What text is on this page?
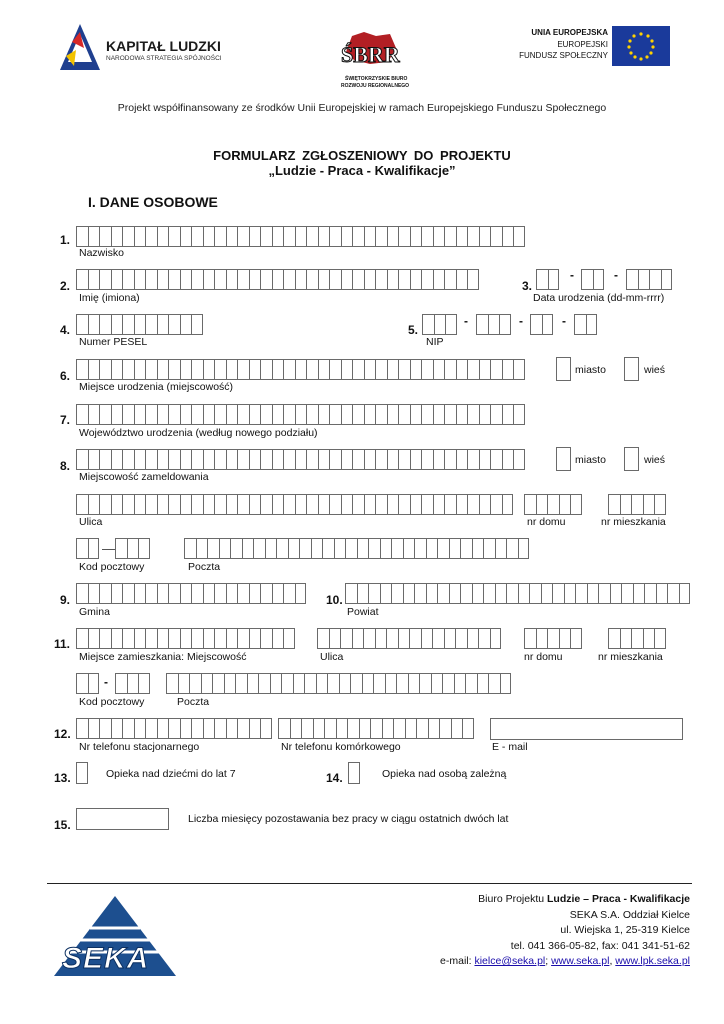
KAPITAŁ LUDZKI
NARODOWA STRATEGIA SPÓJNOŚCI	ŚBRR
ŚWIĘTOKRZYSKIE BIURO
ROZWOJU REGIONALNEGO
UNIA EUROPEJSKA
EUROPEJSKI
FUNDUSZ SPOŁECZNY
Projekt współfinansowany ze środków Unii Europejskiej w ramach Europejskiego Funduszu Społecznego
FORMULARZ ZGŁOSZENIOWY DO PROJEKTU
„Ludzie - Praca - Kwalifikacje”
I. DANE OSOBOWE
1.
Nazwisko
2.
Imię (imiona)
3.
-	-
Data urodzenia (dd-mm-rrrr)
4.
Numer PESEL
5.
-	-	-
NIP
6.
Miejsce urodzenia (miejscowość)
miasto	wieś
7.
Województwo urodzenia (według nowego podziału)
8.
Miejscowość zameldowania
miasto	wieś
Ulica	nr domu	nr mieszkania
Kod pocztowy	Poczta
9.
Gmina
10.
Powiat
11.
Miejsce zamieszkania: Miejscowość	Ulica	nr domu	nr mieszkania
-
Kod pocztowy	Poczta
12.
Nr telefonu stacjonarnego	Nr telefonu komórkowego	E - mail
13.	Opieka nad dziećmi do lat 7	14.	Opieka nad osobą zależną
15.	Liczba miesięcy pozostawania bez pracy w ciągu ostatnich dwóch lat
SEKA
Biuro Projektu Ludzie – Praca - Kwalifikacje
SEKA S.A. Oddział Kielce
ul. Wiejska 1, 25-319 Kielce
tel. 041 366-05-82, fax: 041 341-51-62
e-mail: kielce@seka.pl; www.seka.pl, www.lpk.seka.pl
